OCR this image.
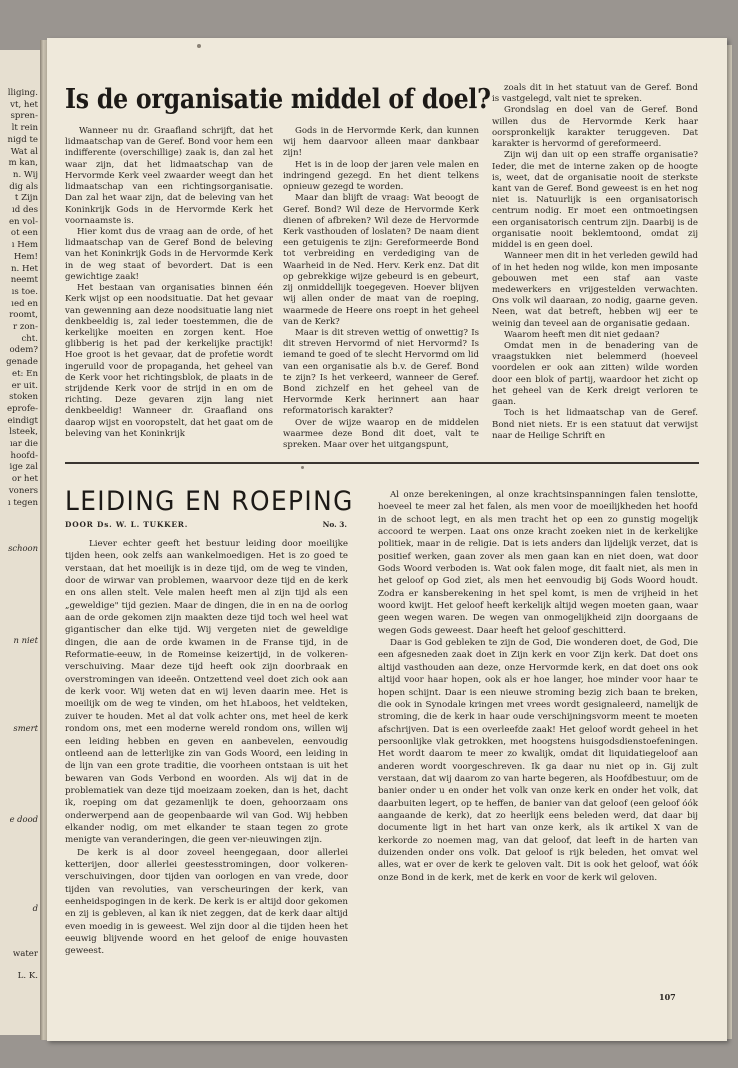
lliging.
vt, het
spren-
lt rein
nigd te
Wat al
m kan,
n. Wij
dig als
t Zijn
ıd des
en vol-
ot een
ı Hem
Hem!
n. Het
neemt
ıs toe.
ıed en
roomt,
r zon-
cht.
odem?
genade
et: En
er uit.
stoken
eprofe-
eindigt
lsteek,
ıar die
hoofd-
ige zal
or het
voners
ı tegen
schoon
n niet
smert
e dood
d
water
L. K.
Is de organisatie middel of doel?

Wanneer nu dr. Graafland schrijft, dat het lidmaatschap van de Geref. Bond voor hem een indifferente (overschillige) zaak is, dan zal het waar zijn, dat het lidmaatschap van de Hervormde Kerk veel zwaarder weegt dan het lidmaatschap van een richtingsorganisatie. Dan zal het waar zijn, dat de beleving van het Koninkrijk Gods in de Hervormde Kerk het voornaamste is.

Hier komt dus de vraag aan de orde, of het lidmaatschap van de Geref Bond de beleving van het Koninkrijk Gods in de Hervormde Kerk in de weg staat of bevordert. Dat is een gewichtige zaak!

Het bestaan van organisaties binnen één Kerk wijst op een noodsituatie. Dat het gevaar van gewenning aan deze noodsituatie lang niet denkbeeldig is, zal ieder toestemmen, die de kerkelijke moeiten en zorgen kent. Hoe glibberig is het pad der kerkelijke practijk! Hoe groot is het gevaar, dat de profetie wordt ingeruild voor de propaganda, het geheel van de Kerk voor het richtingsblok, de plaats in de strijdende Kerk voor de strijd in en om de richting. Deze gevaren zijn lang niet denkbeeldig! Wanneer dr. Graafland ons daarop wijst en vooropstelt, dat het gaat om de beleving van het Koninkrijk

Gods in de Hervormde Kerk, dan kunnen wij hem daarvoor alleen maar dankbaar zijn!

Het is in de loop der jaren vele malen en indringend gezegd. En het dient telkens opnieuw gezegd te worden.

Maar dan blijft de vraag: Wat beoogt de Geref. Bond? Wil deze de Hervormde Kerk dienen of afbreken? Wil deze de Hervormde Kerk vasthouden of loslaten? De naam dient een getuigenis te zijn: Gereformeerde Bond tot verbreiding en verdediging van de Waarheid in de Ned. Herv. Kerk enz. Dat dit op gebrekkige wijze gebeurd is en gebeurt, zij onmiddellijk toegegeven. Hoever blijven wij allen onder de maat van de roeping, waarmede de Heere ons roept in het geheel van de Kerk?

Maar is dit streven wettig of onwettig? Is dit streven Hervormd of niet Hervormd? Is iemand te goed of te slecht Hervormd om lid van een organisatie als b.v. de Geref. Bond te zijn? Is het verkeerd, wanneer de Geref. Bond zichzelf en het geheel van de Hervormde Kerk herinnert aan haar reformatorisch karakter?

Over de wijze waarop en de middelen waarmee deze Bond dit doet, valt te spreken. Maar over het uitgangspunt,

zoals dit in het statuut van de Geref. Bond is vastgelegd, valt niet te spreken.

Grondslag en doel van de Geref. Bond willen dus de Hervormde Kerk haar oorspronkelijk karakter teruggeven. Dat karakter is hervormd of gereformeerd.

Zijn wij dan uit op een straffe organisatie? Ieder, die met de interne zaken op de hoogte is, weet, dat de organisatie nooit de sterkste kant van de Geref. Bond geweest is en het nog niet is. Natuurlijk is een organisatorisch centrum nodig. Er moet een ontmoetingsen een organisatorisch centrum zijn. Daarbij is de organisatie nooit beklemtoond, omdat zij middel is en geen doel.

Wanneer men dit in het verleden gewild had of in het heden nog wilde, kon men imposante gebouwen met een staf aan vaste medewerkers en vrijgestelden verwachten. Ons volk wil daaraan, zo nodig, gaarne geven. Neen, wat dat betreft, hebben wij eer te weinig dan teveel aan de organisatie gedaan.

Waarom heeft men dit niet gedaan?

Omdat men in de benadering van de vraagstukken niet belemmerd (hoeveel voordelen er ook aan zitten) wilde worden door een blok of partij, waardoor het zicht op het geheel van de Kerk dreigt verloren te gaan.

Toch is het lidmaatschap van de Geref. Bond niet niets. Er is een statuut dat verwijst naar de Heilige Schrift en

LEIDING EN ROEPING
DOOR Ds. W. L. TUKKER.	No. 3.

Liever echter geeft het bestuur leiding door moeilijke tijden heen, ook zelfs aan wankelmoedigen. Het is zo goed te verstaan, dat het moeilijk is in deze tijd, om de weg te vinden, door de wirwar van problemen, waarvoor deze tijd en de kerk en ons allen stelt. Vele malen heeft men al zijn tijd als een „geweldige" tijd gezien. Maar de dingen, die in en na de oorlog aan de orde gekomen zijn maakten deze tijd toch wel heel wat gigantischer dan elke tijd. Wij vergeten niet de geweldige dingen, die aan de orde kwamen in de Franse tijd, in de Reformatie-eeuw, in de Romeinse keizertijd, in de volkeren-verschuiving. Maar deze tijd heeft ook zijn doorbraak en overstromingen van ideeën. Ontzettend veel doet zich ook aan de kerk voor. Wij weten dat en wij leven daarin mee. Het is moeilijk om de weg te vinden, om het hLaboos, het veldteken, zuiver te houden. Met al dat volk achter ons, met heel de kerk rondom ons, met een moderne wereld rondom ons, willen wij een leiding hebben en geven en aanbevelen, eenvoudig ontleend aan de letterlijke zin van Gods Woord, een leiding in de lijn van een grote traditie, die voorheen ontstaan is uit het bewaren van Gods Verbond en woorden. Als wij dat in de problematiek van deze tijd moeizaam zoeken, dan is het, dacht ik, roeping om dat gezamenlijk te doen, gehoorzaam ons onderwerpend aan de geopenbaarde wil van God. Wij hebben elkander nodig, om met elkander te staan tegen zo grote menigte van veranderingen, die geen ver-nieuwingen zijn.

De kerk is al door zoveel heengegaan, door allerlei ketterijen, door allerlei geestesstromingen, door volkeren-verschuivingen, door tijden van oorlogen en van vrede, door tijden van revoluties, van verscheuringen der kerk, van eenheidspogingen in de kerk. De kerk is er altijd door gekomen en zij is gebleven, al kan ik niet zeggen, dat de kerk daar altijd even moedig in is geweest. Wel zijn door al die tijden heen het eeuwig blijvende woord en het geloof de enige houvasten geweest.

Al onze berekeningen, al onze krachtsinspanningen falen tenslotte, hoeveel te meer zal het falen, als men voor de moeilijkheden het hoofd in de schoot legt, en als men tracht het op een zo gunstig mogelijk accoord te werpen. Laat ons onze kracht zoeken niet in de kerkelijke politiek, maar in de religie. Dat is iets anders dan lijdelijk verzet, dat is positief werken, gaan zover als men gaan kan en niet doen, wat door Gods Woord verboden is. Wat ook falen moge, dit faalt niet, als men in het geloof op God ziet, als men het eenvoudig bij Gods Woord houdt. Zodra er kansberekening in het spel komt, is men de vrijheid in het woord kwijt. Het geloof heeft kerkelijk altijd wegen moeten gaan, waar geen wegen waren. De wegen van onmogelijkheid zijn doorgaans de wegen Gods geweest. Daar heeft het geloof geschitterd.

Daar is God gebleken te zijn de God, Die wonderen doet, de God, Die een afgesneden zaak doet in Zijn kerk en voor Zijn kerk. Dat doet ons altijd vasthouden aan deze, onze Hervormde kerk, en dat doet ons ook altijd voor haar hopen, ook als er hoe langer, hoe minder voor haar te hopen schijnt. Daar is een nieuwe stroming bezig zich baan te breken, die ook in Synodale kringen met vrees wordt gesignaleerd, namelijk de stroming, die de kerk in haar oude verschijningsvorm meent te moeten afschrijven. Dat is een overleefde zaak! Het geloof wordt geheel in het persoonlijke vlak getrokken, met hoogstens huisgodsdienstoefeningen. Het wordt daarom te meer zo kwalijk, omdat dit liquidatiegeloof aan anderen wordt voorgeschreven. Ik ga daar nu niet op in. Gij zult verstaan, dat wij daarom zo van harte begeren, als Hoofdbestuur, om de banier onder u en onder het volk van onze kerk en onder het volk, dat daarbuiten legert, op te heffen, de banier van dat geloof (een geloof óók aangaande de kerk), dat zo heerlijk eens beleden werd, dat daar bij documente ligt in het hart van onze kerk, als ik artikel X van de kerkorde zo noemen mag, van dat geloof, dat leeft in de harten van duizenden onder ons volk. Dat geloof is rijk beleden, het omvat wel alles, wat er over de kerk te geloven valt. Dit is ook het geloof, wat óók onze Bond in de kerk, met de kerk en voor de kerk wil geloven.

107
